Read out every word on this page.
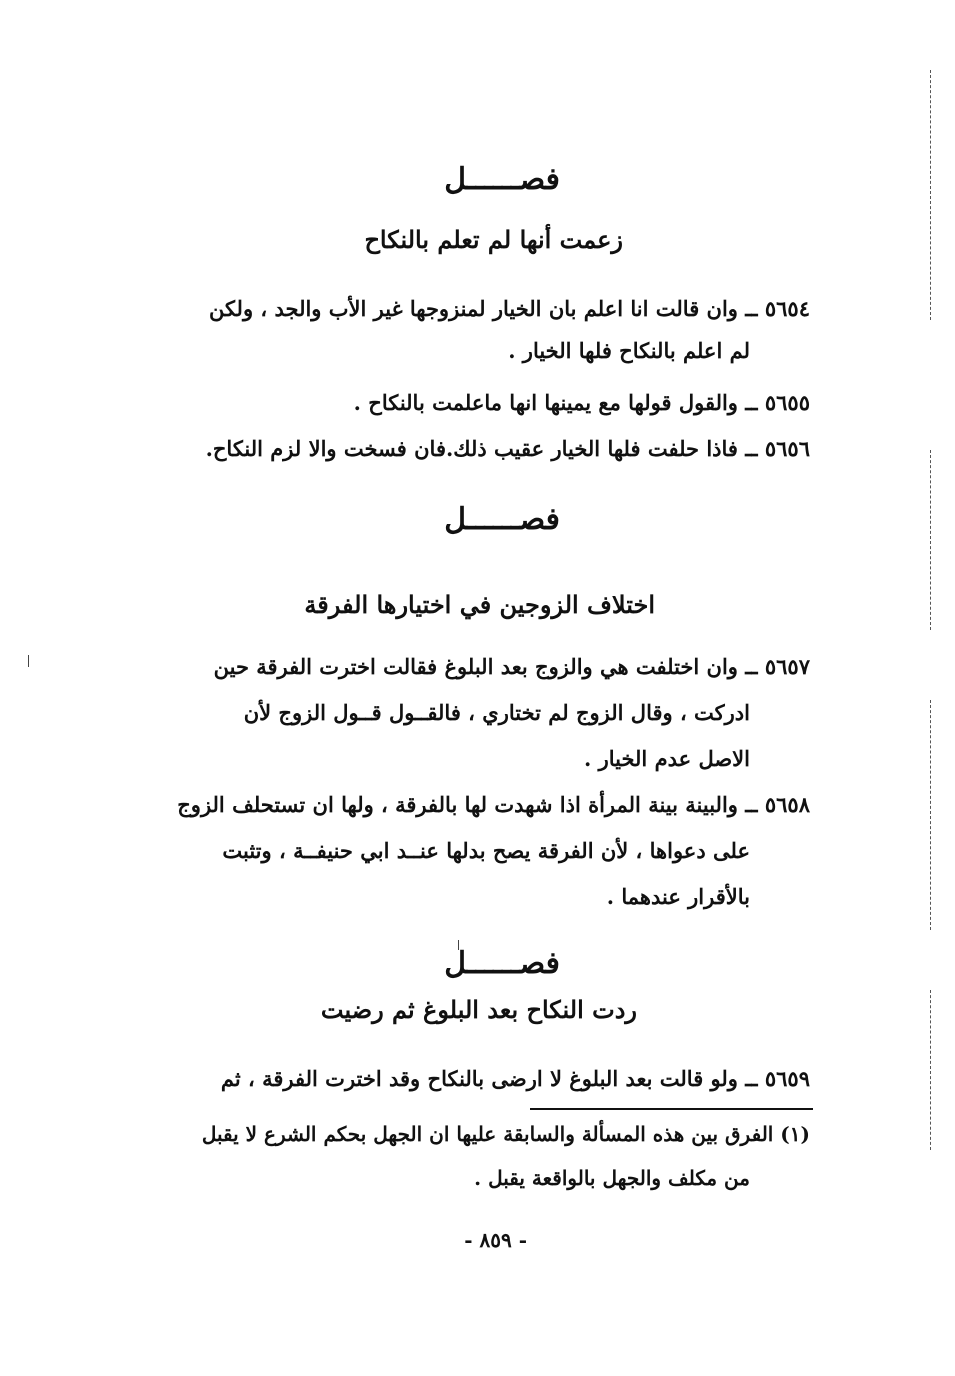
فصــــــل
زعمت أنها لم تعلم بالنكاح
٥٦٥٤ ــ وان قالت انا اعلم بان الخيار لمنزوجها غير الأب والجد ، ولكن
لم اعلم بالنكاح فلها الخيار .
٥٦٥٥ ــ والقول قولها مع يمينها انها ماعلمت بالنكاح .
٥٦٥٦ ــ فاذا حلفت فلها الخيار عقيب ذلك.فان فسخت والا لزم النكاح.
فصــــــل
اختلاف الزوجين في اختيارها الفرقة
٥٦٥٧ ــ وان اختلفت هي والزوج بعد البلوغ فقالت اخترت الفرقة حين
ادركت ، وقال الزوج لم تختاري ، فالقــول قــول الزوج لأن
الاصل عدم الخيار .
٥٦٥٨ ــ والبينة بينة المرأة اذا شهدت لها بالفرقة ، ولها ان تستحلف الزوج
على دعواها ، لأن الفرقة يصح بدلها عنــد ابي حنيفــة ، وتثبت
بالأقرار عندهما .
فصــــــل
ردت النكاح بعد البلوغ ثم رضيت
٥٦٥٩ ــ ولو قالت بعد البلوغ لا ارضى بالنكاح وقد اخترت الفرقة ، ثم
(١) الفرق بين هذه المسألة والسابقة عليها ان الجهل بحكم الشرع لا يقبل
من مكلف والجهل بالواقعة يقبل .
- ٨٥٩ -
